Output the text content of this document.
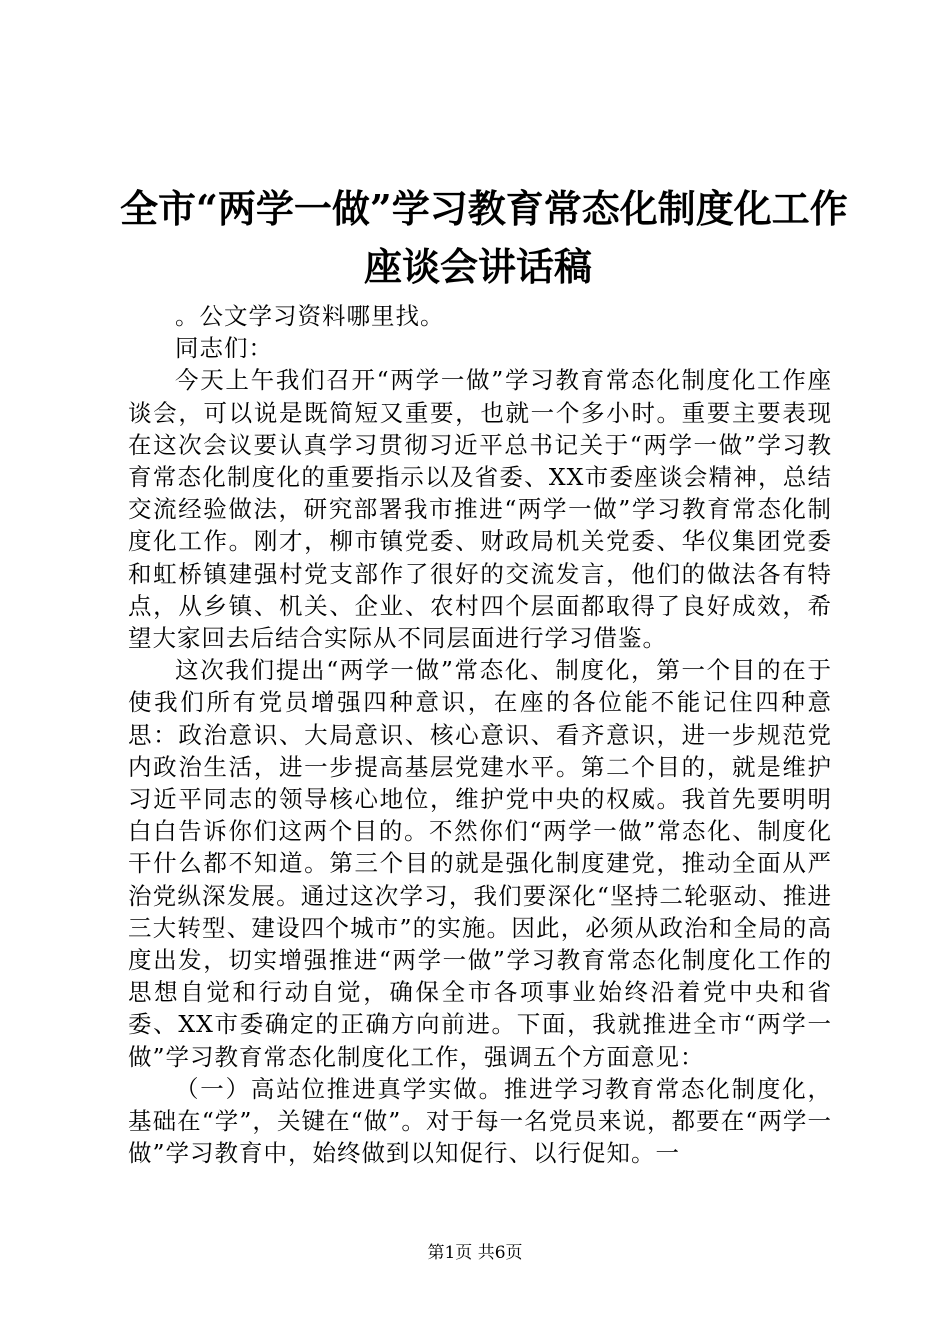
全市“两学一做”学习教育常态化制度化工作
座谈会讲话稿

。公文学习资料哪里找。

同志们：

今天上午我们召开“两学一做”学习教育常态化制度化工作座谈会，可以说是既简短又重要，也就一个多小时。重要主要表现在这次会议要认真学习贯彻习近平总书记关于“两学一做”学习教育常态化制度化的重要指示以及省委、XX市委座谈会精神，总结交流经验做法，研究部署我市推进“两学一做”学习教育常态化制度化工作。刚才，柳市镇党委、财政局机关党委、华仪集团党委和虹桥镇建强村党支部作了很好的交流发言，他们的做法各有特点，从乡镇、机关、企业、农村四个层面都取得了良好成效，希望大家回去后结合实际从不同层面进行学习借鉴。

这次我们提出“两学一做”常态化、制度化，第一个目的在于使我们所有党员增强四种意识，在座的各位能不能记住四种意思：政治意识、大局意识、核心意识、看齐意识，进一步规范党内政治生活，进一步提高基层党建水平。第二个目的，就是维护习近平同志的领导核心地位，维护党中央的权威。我首先要明明白白告诉你们这两个目的。不然你们“两学一做”常态化、制度化干什么都不知道。第三个目的就是强化制度建党，推动全面从严治党纵深发展。通过这次学习，我们要深化“坚持二轮驱动、推进三大转型、建设四个城市”的实施。因此，必须从政治和全局的高度出发，切实增强推进“两学一做”学习教育常态化制度化工作的思想自觉和行动自觉，确保全市各项事业始终沿着党中央和省委、XX市委确定的正确方向前进。下面，我就推进全市“两学一做”学习教育常态化制度化工作，强调五个方面意见：

（一）高站位推进真学实做。推进学习教育常态化制度化，基础在“学”，关键在“做”。对于每一名党员来说，都要在“两学一做”学习教育中，始终做到以知促行、以行促知。一

第1页 共6页
